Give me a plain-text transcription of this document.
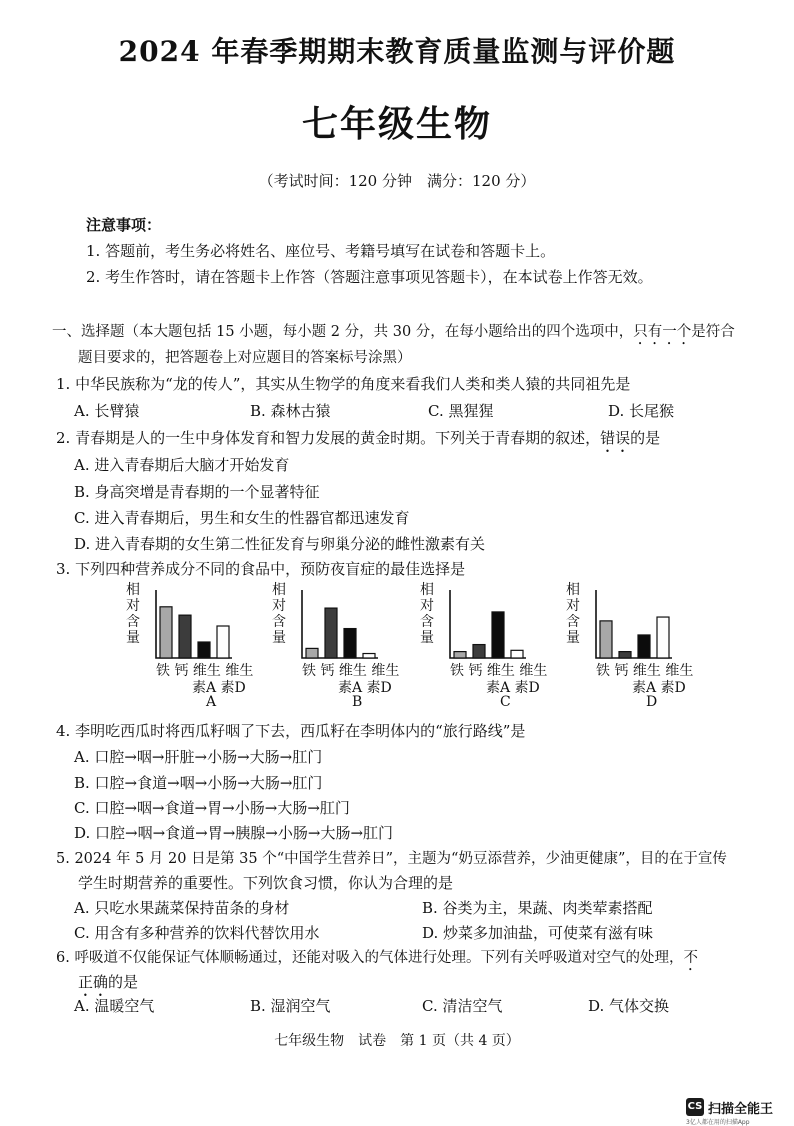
2024 年春季期期末教育质量监测与评价题
七年级生物
（考试时间：120 分钟　满分：120 分）
注意事项：
1. 答题前，考生务必将姓名、座位号、考籍号填写在试卷和答题卡上。
2. 考生作答时，请在答题卡上作答（答题注意事项见答题卡），在本试卷上作答无效。
一、选择题（本大题包括 15 小题，每小题 2 分，共 30 分，在每小题给出的四个选项中，只有一个是符合
题目要求的，把答题卷上对应题目的答案标号涂黑）
1. 中华民族称为“龙的传人”，其实从生物学的角度来看我们人类和类人猿的共同祖先是
A. 长臂猿	B. 森林古猿	C. 黑猩猩	D. 长尾猴
2. 青春期是人的一生中身体发育和智力发展的黄金时期。下列关于青春期的叙述，错误的是
A. 进入青春期后大脑才开始发育
B. 身高突增是青春期的一个显著特征
C. 进入青春期后，男生和女生的性器官都迅速发育
D. 进入青春期的女生第二性征发育与卵巢分泌的雌性激素有关
3. 下列四种营养成分不同的食品中，预防夜盲症的最佳选择是
相对含量
铁 钙 维生 维生
素A 素D
A
相对含量
铁 钙 维生 维生
素A 素D
B
相对含量
铁 钙 维生 维生
素A 素D
C
相对含量
铁 钙 维生 维生
素A 素D
D
4. 李明吃西瓜时将西瓜籽咽了下去，西瓜籽在李明体内的“旅行路线”是
A. 口腔→咽→肝脏→小肠→大肠→肛门
B. 口腔→食道→咽→小肠→大肠→肛门
C. 口腔→咽→食道→胃→小肠→大肠→肛门
D. 口腔→咽→食道→胃→胰腺→小肠→大肠→肛门
5. 2024 年 5 月 20 日是第 35 个“中国学生营养日”，主题为“奶豆添营养，少油更健康”，目的在于宣传
学生时期营养的重要性。下列饮食习惯，你认为合理的是
A. 只吃水果蔬菜保持苗条的身材	B. 谷类为主，果蔬、肉类荤素搭配
C. 用含有多种营养的饮料代替饮用水	D. 炒菜多加油盐，可使菜有滋有味
6. 呼吸道不仅能保证气体顺畅通过，还能对吸入的气体进行处理。下列有关呼吸道对空气的处理，不
正确的是
A. 温暖空气	B. 湿润空气	C. 清洁空气	D. 气体交换
七年级生物　试卷　第 1 页（共 4 页）
CS 扫描全能王
3亿人都在用的扫描App
